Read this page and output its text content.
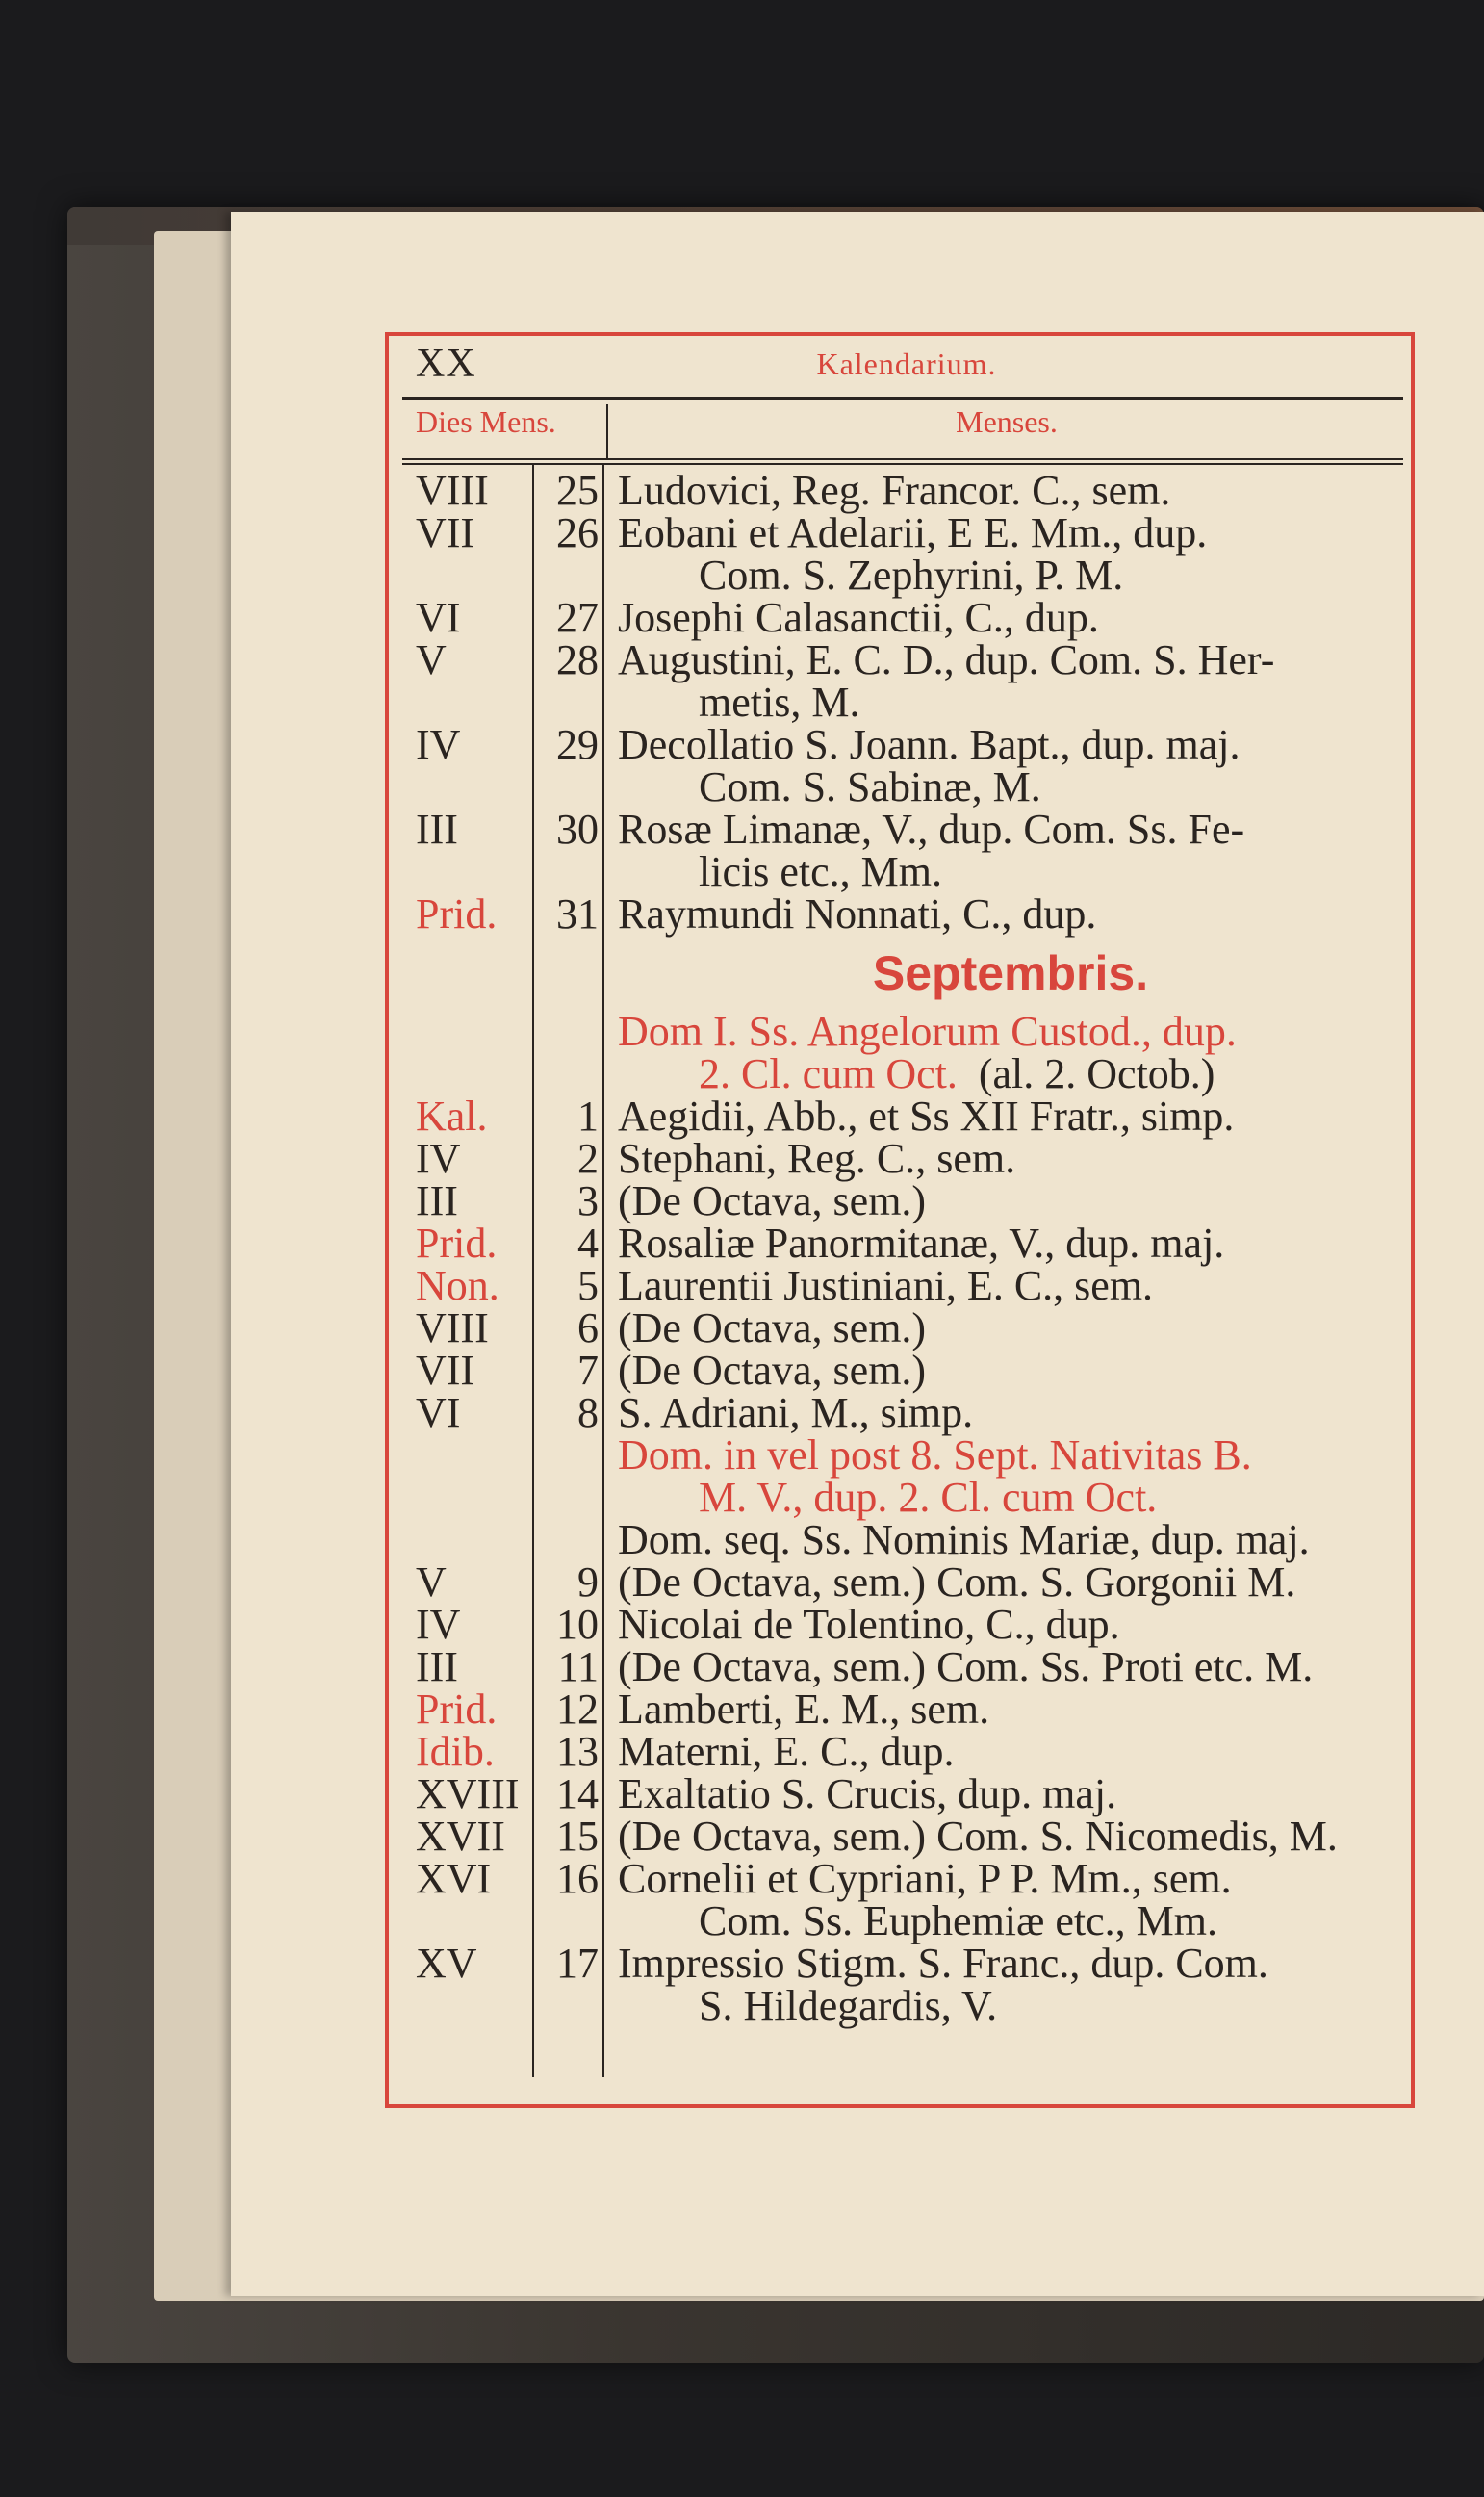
XX	Kalendarium.
Dies Mens.	Menses.
VIII	25 Ludovici, Reg. Francor. C., sem.
VII	26 Eobani et Adelarii, E E. Mm., dup.
Com. S. Zephyrini, P. M.
VI	27 Josephi Calasanctii, C., dup.
V	28 Augustini, E. C. D., dup. Com. S. Her-
metis, M.
IV	29 Decollatio S. Joann. Bapt., dup. maj.
Com. S. Sabinæ, M.
III	30 Rosæ Limanæ, V., dup. Com. Ss. Fe-
licis etc., Mm.
Prid.	31 Raymundi Nonnati, C., dup.
Septembris.
Dom I. Ss. Angelorum Custod., dup.
2. Cl. cum Oct. (al. 2. Octob.)
Kal.	1 Aegidii, Abb., et Ss XII Fratr., simp.
IV	2 Stephani, Reg. C., sem.
III	3 (De Octava, sem.)
Prid.	4 Rosaliæ Panormitanæ, V., dup. maj.
Non.	5 Laurentii Justiniani, E. C., sem.
VIII	6 (De Octava, sem.)
VII	7 (De Octava, sem.)
VI	8 S. Adriani, M., simp.
Dom. in vel post 8. Sept. Nativitas B.
M. V., dup. 2. Cl. cum Oct.
Dom. seq. Ss. Nominis Mariæ, dup. maj.
V	9 (De Octava, sem.) Com. S. Gorgonii M.
IV	10 Nicolai de Tolentino, C., dup.
III	11 (De Octava, sem.) Com. Ss. Proti etc. M.
Prid.	12 Lamberti, E. M., sem.
Idib.	13 Materni, E. C., dup.
XVIII 14 Exaltatio S. Crucis, dup. maj.
XVII	15 (De Octava, sem.) Com. S. Nicomedis, M.
XVI	16 Cornelii et Cypriani, P P. Mm., sem.
Com. Ss. Euphemiæ etc., Mm.
XV	17 Impressio Stigm. S. Franc., dup. Com.
S. Hildegardis, V.
